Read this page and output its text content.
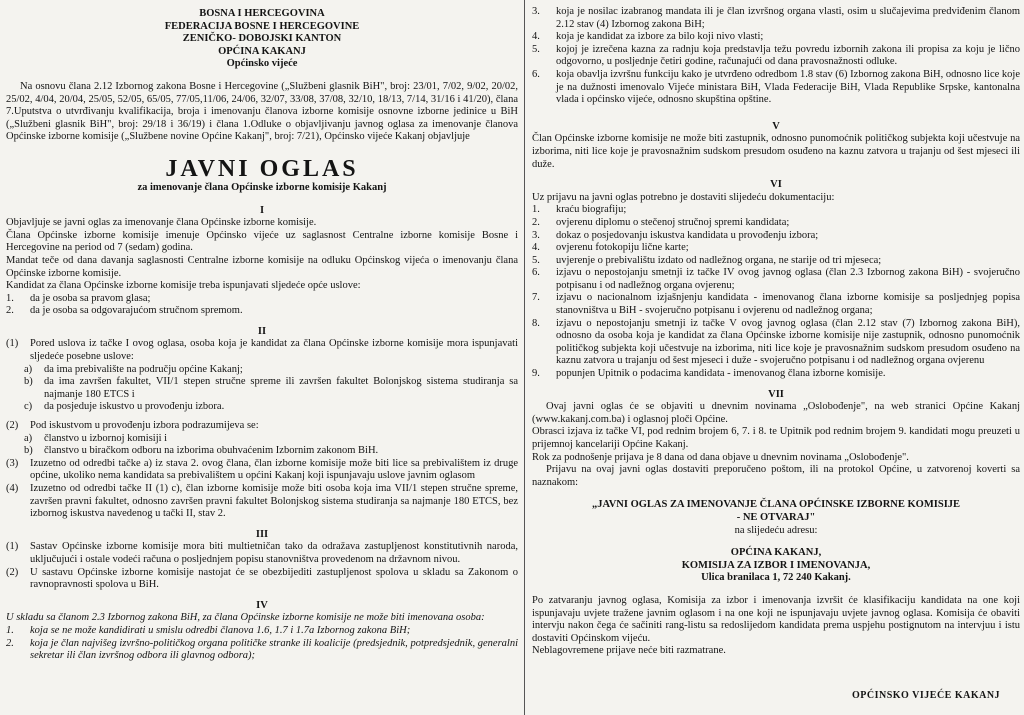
BOSNA I HERCEGOVINA

FEDERACIJA BOSNE I HERCEGOVINE

ZENIČKO- DOBOJSKI KANTON

OPĆINA KAKANJ

Općinsko vijeće

Na osnovu člana 2.12 Izbornog zakona Bosne i Hercegovine („Službeni glasnik BiH", broj: 23/01, 7/02, 9/02, 20/02, 25/02, 4/04, 20/04, 25/05, 52/05, 65/05, 77/05,11/06, 24/06, 32/07, 33/08, 37/08, 32/10, 18/13, 7/14, 31/16 i 41/20), člana 7.Uputstva o utvrđivanju kvalifikacija, broja i imenovanju članova izborne komisije osnovne izborne jedinice u BiH („Službeni glasnik BiH", broj: 29/18 i 36/19) i člana 1.Odluke o objavljivanju javnog oglasa za imenovanje članova Općinske izborne komisije („Službene novine Općine Kakanj", broj: 7/21), Općinsko vijeće Kakanj objavljuje

JAVNI OGLAS

za imenovanje člana Općinske izborne komisije Kakanj

I

Objavljuje se javni oglas za imenovanje člana Općinske izborne komisije.

Člana Općinske izborne komisije imenuje Općinsko vijeće uz saglasnost Centralne izborne komisije Bosne i Hercegovine na period od 7 (sedam) godina.

Mandat teče od dana davanja saglasnosti Centralne izborne komisije na odluku Općinskog vijeća o imenovanju člana Općinske izborne komisije.

Kandidat za člana Općinske izborne komisije treba ispunjavati sljedeće opće uslove:

1.	da je osoba sa pravom glasa;
2.	da je osoba sa odgovarajućom stručnom spremom.

II

(1)	Pored uslova iz tačke I ovog oglasa, osoba koja je kandidat za člana Općinske izborne komisije mora ispunjavati sljedeće posebne uslove:
a)	da ima prebivalište na području općine Kakanj;
b)	da ima završen fakultet, VII/1 stepen stručne spreme ili završen fakultet Bolonjskog sistema studiranja sa najmanje 180 ETCS i
c)	da posjeduje iskustvo u provođenju izbora.
(2)	Pod iskustvom u provođenju izbora podrazumijeva se:
a)	članstvo u izbornoj komisiji i
b)	članstvo u biračkom odboru na izborima obuhvaćenim Izbornim zakonom BiH.
(3)	Izuzetno od odredbi tačke a) iz stava 2. ovog člana, član izborne komisije može biti lice sa prebivalištem iz druge općine, ukoliko nema kandidata sa prebivalištem u općini Kakanj koji ispunjavaju uslove javnim oglasom
(4)	Izuzetno od odredbi tačke II (1) c), član izborne komisije može biti osoba koja ima VII/1 stepen stručne spreme, završen pravni fakultet, odnosno završen pravni fakultet Bolonjskog sistema studiranja sa najmanje 180 ETCS, bez izbornog iskustva navedenog u tački II, stav 2.

III

(1)	Sastav Općinske izborne komisije mora biti multietničan tako da odražava zastupljenost konstitutivnih naroda, uključujući i ostale vodeći računa o posljednjem popisu stanovništva provedenom na državnom nivou.
(2)	U sastavu Općinske izborne komisije nastojat će se obezbijediti zastupljenost spolova u skladu sa Zakonom o ravnopravnosti spolova u BiH.

IV

U skladu sa članom 2.3 Izbornog zakona BiH, za člana Općinske izborne komisije ne može biti imenovana osoba:

1.	koja se ne može kandidirati u smislu odredbi članova 1.6, 1.7 i 1.7a Izbornog zakona BiH;
2.	koja je član najvišeg izvršno-političkog organa političke stranke ili koalicije (predsjednik, potpredsjednik, generalni sekretar ili član izvršnog odbora ili glavnog odbora);
3.	koja je nosilac izabranog mandata ili je član izvršnog organa vlasti, osim u slučajevima predviđenim članom 2.12 stav (4) Izbornog zakona BiH;
4.	koja je kandidat za izbore za bilo koji nivo vlasti;
5.	kojoj je izrečena kazna za radnju koja predstavlja težu povredu izbornih zakona ili propisa za koju je lično odgovorno, u posljednje četiri godine, računajući od dana pravosnažnosti odluke.
6.	koja obavlja izvršnu funkciju kako je utvrđeno odredbom 1.8 stav (6) Izbornog zakona BiH, odnosno lice koje je na dužnosti imenovalo Vijeće ministara BiH, Vlada Federacije BiH, Vlada Republike Srpske, kantonalna vlada i općinsko vijeće, odnosno skupština opštine.

V

Član Općinske izborne komisije ne može biti zastupnik, odnosno punomoćnik političkog subjekta koji učestvuje na izborima, niti lice koje je pravosnažnim sudskom presudom osuđeno na kaznu zatvora u trajanju od šest mjeseci ili duže.

VI

Uz prijavu na javni oglas potrebno je dostaviti slijedeću dokumentaciju:

1.	kraću biografiju;
2.	ovjerenu diplomu o stečenoj stručnoj spremi kandidata;
3.	dokaz o posjedovanju iskustva kandidata u provođenju izbora;
4.	ovjerenu fotokopiju lične karte;
5.	uvjerenje o prebivalištu izdato od nadležnog organa, ne starije od tri mjeseca;
6.	izjavu o nepostojanju smetnji iz tačke IV ovog javnog oglasa (član 2.3 Izbornog zakona BiH) - svojeručno potpisanu i od nadležnog organa ovjerenu;
7.	izjavu o nacionalnom izjašnjenju kandidata - imenovanog člana izborne komisije sa posljednjeg popisa stanovništva u BiH - svojeručno potpisanu i ovjerenu od nadležnog organa;
8.	izjavu o nepostojanju smetnji iz tačke V ovog javnog oglasa (član 2.12 stav (7) Izbornog zakona BiH), odnosno da osoba koja je kandidat za člana Općinske izborne komisije nije zastupnik, odnosno punomoćnik političkog subjekta koji učestvuje na izborima, niti lice koje je pravosnažnim sudskom presudom osuđeno na kaznu zatvora u trajanju od šest mjeseci i duže - svojeručno potpisanu i od nadležnog organa ovjerenu
9.	popunjen Upitnik o podacima kandidata - imenovanog člana izborne komisije.

VII

Ovaj javni oglas će se objaviti u dnevnim novinama „Oslobođenje", na web stranici Općine Kakanj (www.kakanj.com.ba) i oglasnoj ploči Općine.

Obrasci izjava iz tačke VI, pod rednim brojem 6, 7. i 8. te Upitnik pod rednim brojem 9. kandidati mogu preuzeti u prijemnoj kancelariji Općine Kakanj.

Rok za podnošenje prijava je 8 dana od dana objave u dnevnim novinama „Oslobođenje".

Prijavu na ovaj javni oglas dostaviti preporučeno poštom, ili na protokol Općine, u zatvorenoj koverti sa naznakom:

„JAVNI OGLAS ZA IMENOVANJE ČLANA OPĆINSKE IZBORNE KOMISIJE

- NE OTVARAJ"

na slijedeću adresu:

OPĆINA KAKANJ,

KOMISIJA ZA IZBOR I IMENOVANJA,

Ulica branilaca 1, 72 240 Kakanj.

Po zatvaranju javnog oglasa, Komisija za izbor i imenovanja izvršit će klasifikaciju kandidata na one koji ispunjavaju uvjete tražene javnim oglasom i na one koji ne ispunjavaju uvjete javnog oglasa. Komisija će obaviti intervju nakon čega će sačiniti rang-listu sa redoslijedom kandidata prema uspjehu postignutom na intervjuu i istu dostaviti Općinskom vijeću.

Neblagovremene prijave neće biti razmatrane.

OPĆINSKO VIJEĆE KAKANJ
